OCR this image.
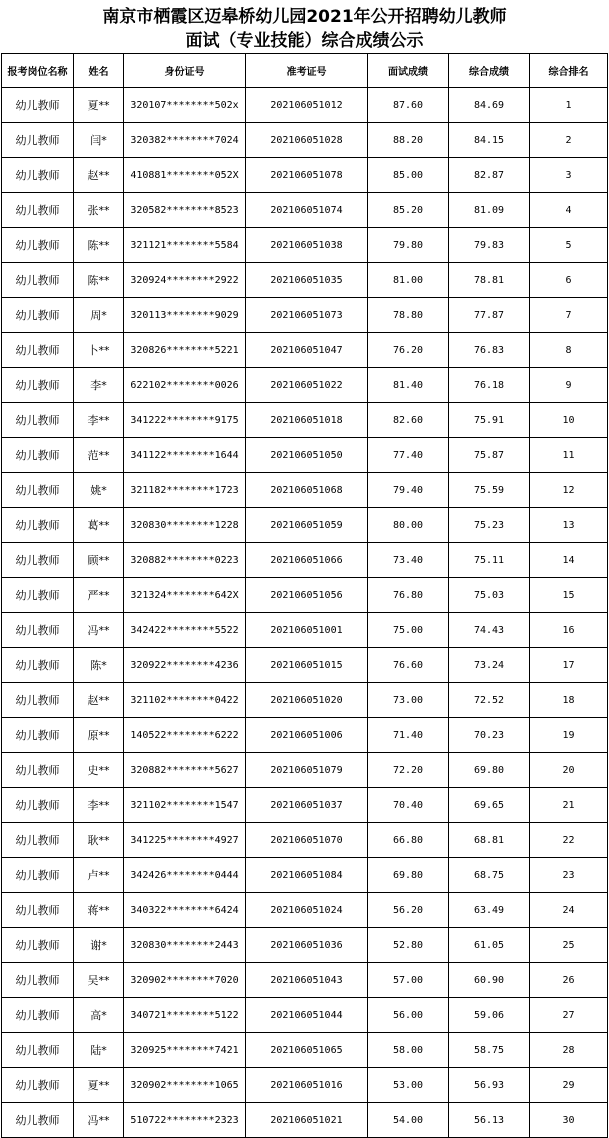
南京市栖霞区迈皋桥幼儿园2021年公开招聘幼儿教师
面试（专业技能）综合成绩公示
报考岗位名称	姓名	身份证号	准考证号	面试成绩	综合成绩	综合排名
幼儿教师	夏**	320107********502x	202106051012	87.60	84.69	1
幼儿教师	闫*	320382********7024	202106051028	88.20	84.15	2
幼儿教师	赵**	410881********052X	202106051078	85.00	82.87	3
幼儿教师	张**	320582********8523	202106051074	85.20	81.09	4
幼儿教师	陈**	321121********5584	202106051038	79.80	79.83	5
幼儿教师	陈**	320924********2922	202106051035	81.00	78.81	6
幼儿教师	周*	320113********9029	202106051073	78.80	77.87	7
幼儿教师	卜**	320826********5221	202106051047	76.20	76.83	8
幼儿教师	李*	622102********0026	202106051022	81.40	76.18	9
幼儿教师	李**	341222********9175	202106051018	82.60	75.91	10
幼儿教师	范**	341122********1644	202106051050	77.40	75.87	11
幼儿教师	姚*	321182********1723	202106051068	79.40	75.59	12
幼儿教师	葛**	320830********1228	202106051059	80.00	75.23	13
幼儿教师	顾**	320882********0223	202106051066	73.40	75.11	14
幼儿教师	严**	321324********642X	202106051056	76.80	75.03	15
幼儿教师	冯**	342422********5522	202106051001	75.00	74.43	16
幼儿教师	陈*	320922********4236	202106051015	76.60	73.24	17
幼儿教师	赵**	321102********0422	202106051020	73.00	72.52	18
幼儿教师	原**	140522********6222	202106051006	71.40	70.23	19
幼儿教师	史**	320882********5627	202106051079	72.20	69.80	20
幼儿教师	李**	321102********1547	202106051037	70.40	69.65	21
幼儿教师	耿**	341225********4927	202106051070	66.80	68.81	22
幼儿教师	卢**	342426********0444	202106051084	69.80	68.75	23
幼儿教师	蒋**	340322********6424	202106051024	56.20	63.49	24
幼儿教师	谢*	320830********2443	202106051036	52.80	61.05	25
幼儿教师	吴**	320902********7020	202106051043	57.00	60.90	26
幼儿教师	高*	340721********5122	202106051044	56.00	59.06	27
幼儿教师	陆*	320925********7421	202106051065	58.00	58.75	28
幼儿教师	夏**	320902********1065	202106051016	53.00	56.93	29
幼儿教师	冯**	510722********2323	202106051021	54.00	56.13	30
